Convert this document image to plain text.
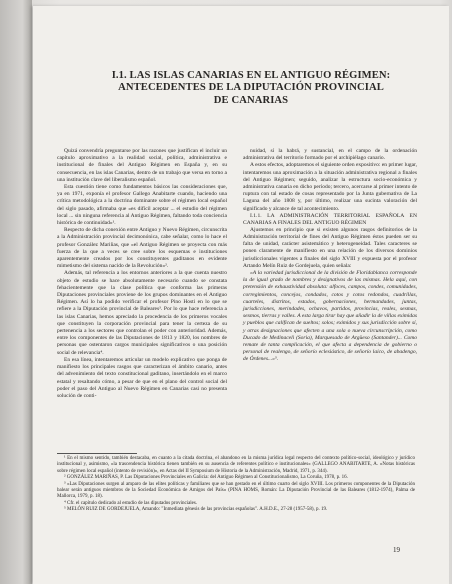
I.1. LAS ISLAS CANARIAS EN EL ANTIGUO RÉGIMEN:
ANTECEDENTES DE LA DIPUTACIÓN PROVINCIAL
DE CANARIAS

Quizá convendría preguntarse por las razones que justifican el incluir un capítulo aproximativo a la realidad social, política, administrativa e institucional de finales del Antiguo Régimen en España y, en su consecuencia, en las islas Canarias, dentro de un trabajo que versa en torno a una institución clave del liberalismo español.

Esta cuestión tiene como fundamentos básicos las consideraciones que, ya en 1971, exponía el profesor Gallego Anabitarte cuando, haciendo una crítica metodológica a la doctrina dominante sobre el régimen local español del siglo pasado, afirmaba que «es difícil aceptar ... el estudio del régimen local ... sin ninguna referencia al Antiguo Régimen, faltando toda conciencia histórica de continuidad»¹.

Respecto de dicha conexión entre Antiguo y Nuevo Régimen, circunscrita a la Administración provincial decimonónica, cabe señalar, como lo hace el profesor González Mariñas, que «el Antiguo Régimen se proyecta con más fuerza de la que a veces se cree sobre los esquemas e instituciones aparentemente creados por los constituyentes gaditanos en evidente mimetismo del sistema nacido de la Revolución»².

Además, tal referencia a los entornos anteriores a la que cuenta nuestro objeto de estudio se hace absolutamente necesario cuando se constata fehacientemente que la clase política que conforma las primeras Diputaciones provinciales proviene de los grupos dominantes en el Antiguo Régimen. Así lo ha podido verificar el profesor Pino Hosti en lo que se refiere a la Diputación provincial de Baleares³. Por lo que hace referencia a las islas Canarias, hemos apreciado la procedencia de los primeros vocales que constituyen la corporación provincial para tener la certeza de su pertenencia a los sectores que controlan el poder con anterioridad. Además, entre los componentes de las Diputaciones de 1813 y 1820, los nombres de personas que ostentaron cargos municipales significativos o una posición social de relevancia⁴.

En esa línea, intentaremos articular un modelo explicativo que ponga de manifiesto los principales rasgos que caracterizan el ámbito canario, antes del advenimiento del texto constitucional gaditano, insertándolo en el marco estatal y resaltando cómo, a pesar de que en el plano del control social del poder el paso del Antiguo al Nuevo Régimen en Canarias casi no presenta solución de conti-

nuidad, sí la habrá, y sustancial, en el campo de la ordenación administrativa del territorio formado por el archipiélago canario.

A estos efectos, adoptaremos el siguiente orden expositivo: en primer lugar, intentaremos una aproximación a la situación administrativa regional a finales del Antiguo Régimen; seguido, analizar la estructura socio-económica y administrativa canaria en dicho período; tercero, acercarse al primer intento de ruptura con tal estado de cosas representado por la Junta gubernativa de La Laguna del año 1808 y, por último, realizar una sucinta valoración del significado y alcance de tal acontecimiento.

I.1.1. LA ADMINISTRACIÓN TERRITORIAL ESPAÑOLA EN CANARIAS A FINALES DEL ANTIGUO RÉGIMEN

Ajustemos en principio que si existen algunos rasgos definitorios de la Administración territorial de fines del Antiguo Régimen éstos pueden ser su falta de unidad, carácter asistemático y heterogeneidad. Tales caracteres se ponen claramente de manifiesto en una relación de los diversos dominios jurisdiccionales vigentes a finales del siglo XVIII y expuesta por el profesor Artando Melín Ruiz de Gordejuela, quien señala:

«A la variedad jurisdiccional de la división de Floridablanca corresponde la de igual grado de nombres y designativos de las mismas. Hela aquí, con pretensión de exhaustividad absoluta: alfoces, campos, condes, comunidades, corregimientos, concejos, condados, cotos y cotos redondos, cuadrillas, cuarteles, distritos, estados, gobernaciones, hermandades, juntas, jurisdicciones, merindades, ochavos, partidos, provincias, reales, sesmas, sexmos, tierras y valles. A esta larga tirar hay que añadir la de villas eximidas y pueblos que califican de sueltos; solos; eximidos y sus jurisdicción sobre sí, y otras designaciones que afecten a una sola o nueva circunscripción, como Ducado de Medinaceli (Soria), Marquesado de Argüeso (Santander)... Como remate de tanta complicación, el que afecta a dependencia de gobierno o personal de realengo, de señorío eclesiástico, de señorío laico, de abadengo, de Órdenes...»⁵.

¹ En el mismo sentido, también destacaba, en cuanto a la citada doctrina, el abandono en la misma jurídica legal respecto del contexto político-social, ideológico y jurídico institucional y, asimismo, «la trascendencia histórica tienen también en su ausencia de referentes político e institucionales» (GALLEGO ANABITARTE, A. «Notas históricas sobre régimen local español (intento de revisión)», en Actas del II Symposium de Historia de la Administración, Madrid, 1971, p. 344).

² GONZÁLEZ MARIÑAS, P. Las Diputaciones Provinciales en Galicia: del Antiguo Régimen al Constitucionalismo, La Coruña, 1978, p. 16.

³ «Las Diputaciones surgen al amparo de las elites políticas y familiares que se han gestado en el último cuarto del siglo XVIII. Los primeros componentes de la Diputación balear serán antiguos miembros de la Sociedad Económica de Amigos del País» (PINA HOMS, Román: La Diputación Provincial de las Baleares (1812-1974), Palma de Mallorca, 1979, p. 18).

⁴ Cfr. el capítulo dedicado al estudio de las diputados provinciales.

⁵ MELÓN RUIZ DE GORDEJUELA, Amando: "Inmediata génesis de las provincias españolas". A.H.D.E., 27-28 (1957-58), p. 19.

19
